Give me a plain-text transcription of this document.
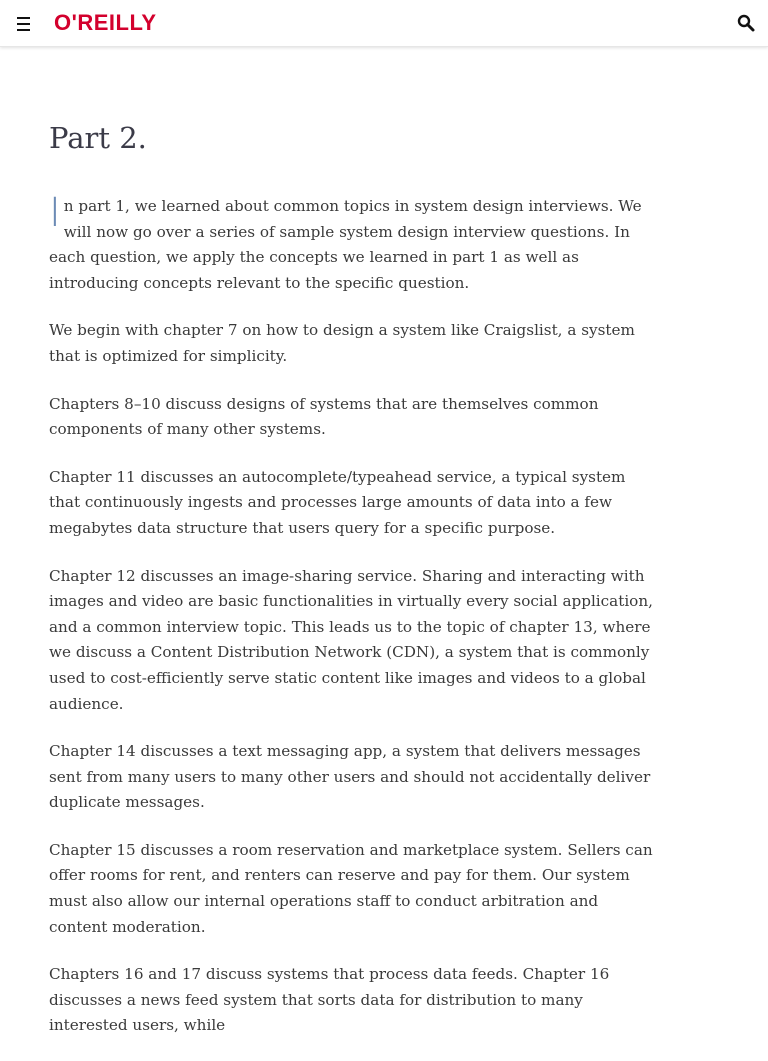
O'REILLY
Part 2.

In part 1, we learned about common topics in system design interviews. We will now go over a series of sample system design interview questions. In each question, we apply the concepts we learned in part 1 as well as introducing concepts relevant to the specific question.

We begin with chapter 7 on how to design a system like Craigslist, a system that is optimized for simplicity.

Chapters 8–10 discuss designs of systems that are themselves common components of many other systems.

Chapter 11 discusses an autocomplete/typeahead service, a typical system that continuously ingests and processes large amounts of data into a few megabytes data structure that users query for a specific purpose.

Chapter 12 discusses an image-sharing service. Sharing and interacting with images and video are basic functionalities in virtually every social application, and a common interview topic. This leads us to the topic of chapter 13, where we discuss a Content Distribution Network (CDN), a system that is commonly used to cost-efficiently serve static content like images and videos to a global audience.

Chapter 14 discusses a text messaging app, a system that delivers messages sent from many users to many other users and should not accidentally deliver duplicate messages.

Chapter 15 discusses a room reservation and marketplace system. Sellers can offer rooms for rent, and renters can reserve and pay for them. Our system must also allow our internal operations staff to conduct arbitration and content moderation.

Chapters 16 and 17 discuss systems that process data feeds. Chapter 16 discusses a news feed system that sorts data for distribution to many interested users, while
